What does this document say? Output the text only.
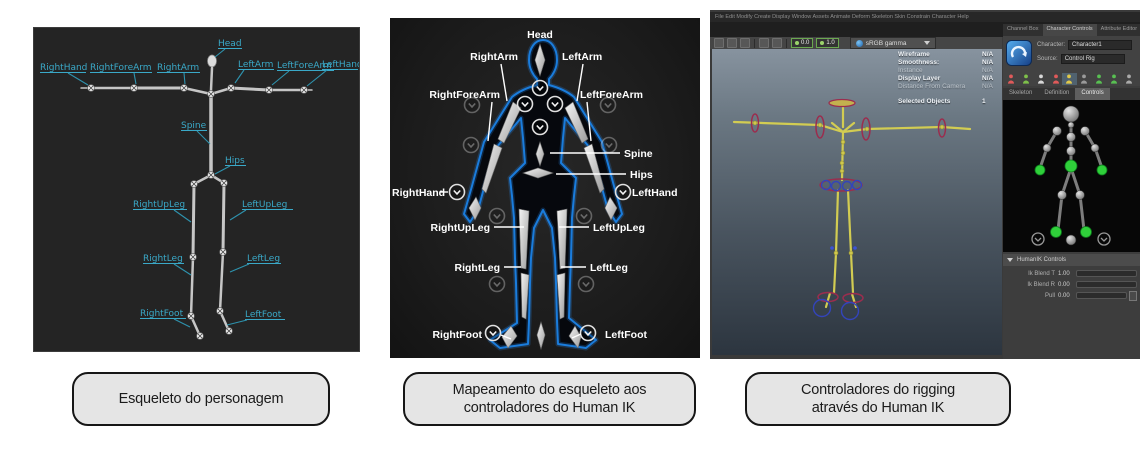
RightHand RightForeArm RightArm
Head
LeftArm LeftForeArm
LeftHand
Spine
Hips
RightUpLeg	LeftUpLeg
RightLeg	LeftLeg
RightFoot	LeftFoot
Head
RightArm	LeftArm
RightForeArm	LeftForeArm
Spine
Hips
RightHand	LeftHand
RightUpLeg	LeftUpLeg
RightLeg	LeftLeg
RightFoot	LeftFoot
File Edit Modify Create Display Window Assets Animate Deform Skeleton Skin Constrain Character Help
0.0	1.0	sRGB gamma
Wireframe	N/A
Smoothness:	N/A
Instance	N/A
Display Layer	N/A
Distance From Camera	N/A
Selected Objects	1
Channel Box	Character Controls	Attribute Editor
Character:	Character1
Source:	Control Rig
Skeleton	Definition	Controls
HumanIK Controls
Ik Blend T 1.00
Ik Blend R 0.00
Pull 0.00
Esqueleto do personagem
Mapeamento do esqueleto aos
controladores do Human IK
Controladores do rigging
através do Human IK
